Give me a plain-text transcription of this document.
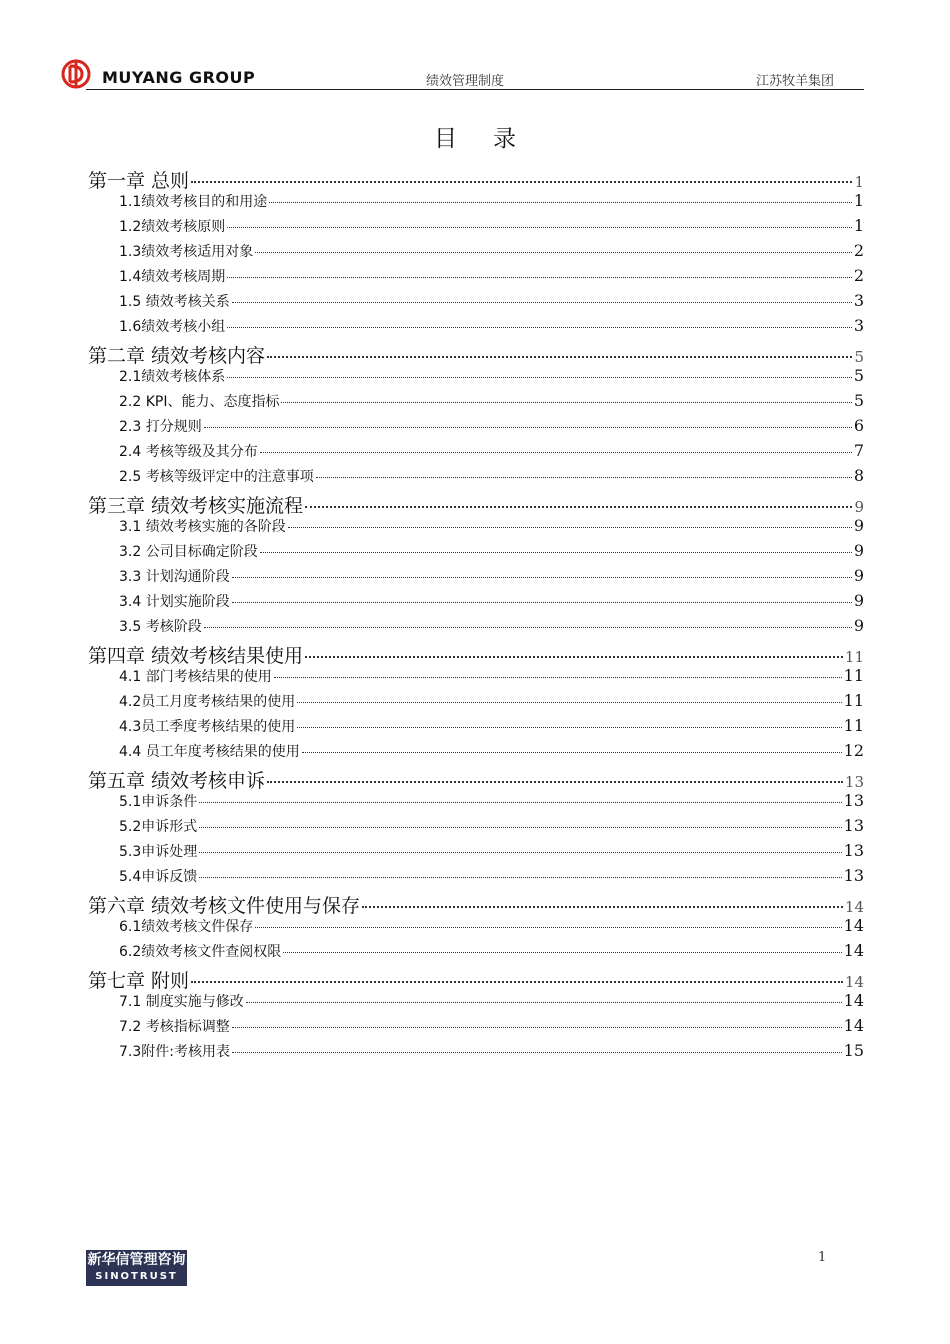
MUYANG GROUP	绩效管理制度	江苏牧羊集团
目录
第一章 总则	1
1.1绩效考核目的和用途	1
1.2绩效考核原则	1
1.3绩效考核适用对象	2
1.4绩效考核周期	2
1.5 绩效考核关系	3
1.6绩效考核小组	3
第二章 绩效考核内容	5
2.1绩效考核体系	5
2.2 KPI、能力、态度指标	5
2.3 打分规则	6
2.4 考核等级及其分布	7
2.5 考核等级评定中的注意事项	8
第三章 绩效考核实施流程	9
3.1 绩效考核实施的各阶段	9
3.2 公司目标确定阶段	9
3.3 计划沟通阶段	9
3.4 计划实施阶段	9
3.5 考核阶段	9
第四章 绩效考核结果使用	11
4.1 部门考核结果的使用	11
4.2员工月度考核结果的使用	11
4.3员工季度考核结果的使用	11
4.4 员工年度考核结果的使用	12
第五章 绩效考核申诉	13
5.1申诉条件	13
5.2申诉形式	13
5.3申诉处理	13
5.4申诉反馈	13
第六章 绩效考核文件使用与保存	14
6.1绩效考核文件保存	14
6.2绩效考核文件查阅权限	14
第七章 附则	14
7.1 制度实施与修改	14
7.2 考核指标调整	14
7.3附件:考核用表	15
新华信管理咨询
SINOTRUST
1
